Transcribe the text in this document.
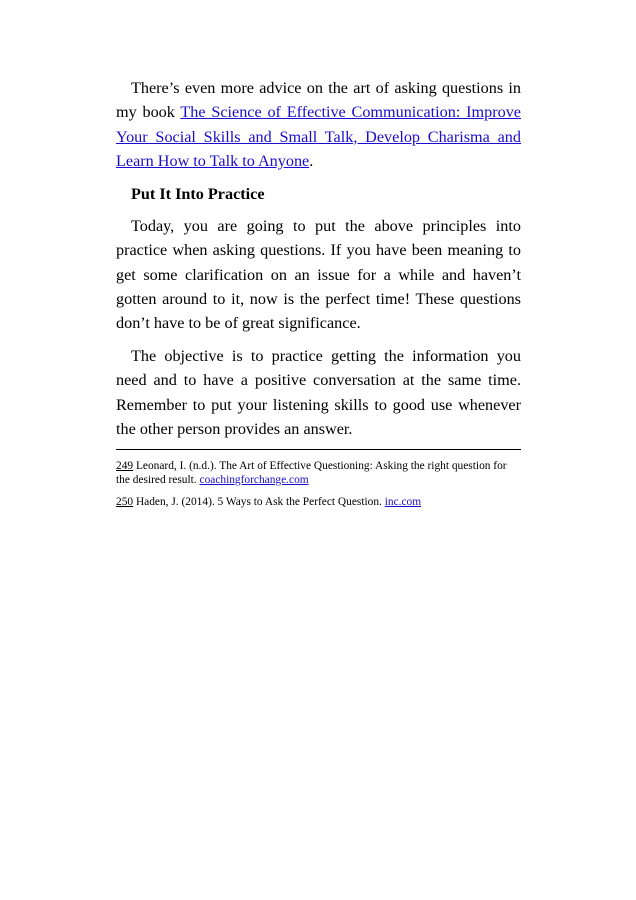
There’s even more advice on the art of asking questions in my book The Science of Effective Communication: Improve Your Social Skills and Small Talk, Develop Charisma and Learn How to Talk to Anyone.

Put It Into Practice

Today, you are going to put the above principles into practice when asking questions. If you have been meaning to get some clarification on an issue for a while and haven’t gotten around to it, now is the perfect time! These questions don’t have to be of great significance.

The objective is to practice getting the information you need and to have a positive conversation at the same time. Remember to put your listening skills to good use whenever the other person provides an answer.

249 Leonard, I. (n.d.). The Art of Effective Questioning: Asking the right question for the desired result. coachingforchange.com

250 Haden, J. (2014). 5 Ways to Ask the Perfect Question. inc.com
